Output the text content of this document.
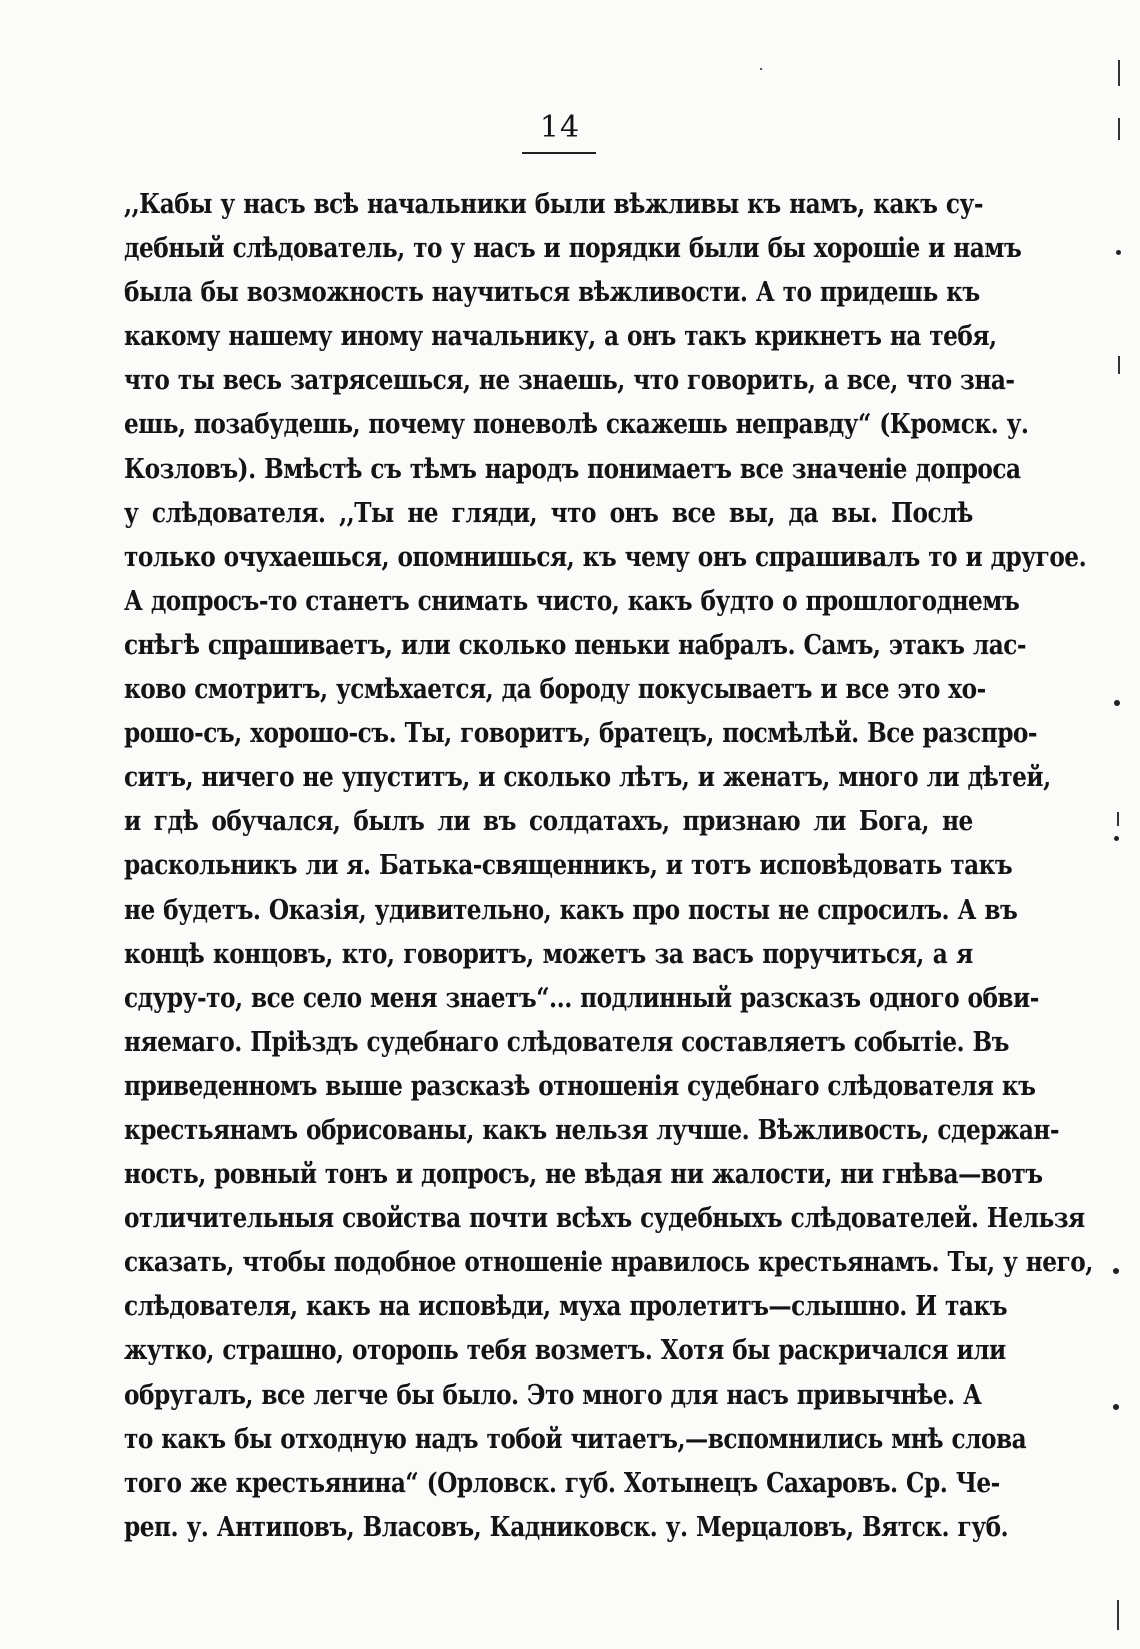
14
,,Кабы у насъ всѣ начальники были вѣжливы къ намъ, какъ су-
дебный слѣдователь, то у насъ и порядки были бы хорошіе и намъ
была бы возможность научиться вѣжливости. А то придешь къ
какому нашему иному начальнику, а онъ такъ крикнетъ на тебя,
что ты весь затрясешься, не знаешь, что говорить, а все, что зна-
ешь, позабудешь, почему поневолѣ скажешь неправду“ (Кромск. у.
Козловъ). Вмѣстѣ съ тѣмъ народъ понимаетъ все значеніе допроса
у слѣдователя. ,,Ты не гляди, что онъ все вы, да вы. Послѣ
только очухаешься, опомнишься, къ чему онъ спрашивалъ то и другое.
А допросъ-то станетъ снимать чисто, какъ будто о прошлогоднемъ
снѣгѣ спрашиваетъ, или сколько пеньки набралъ. Самъ, этакъ лас-
ково смотритъ, усмѣхается, да бороду покусываетъ и все это хо-
рошо-съ, хорошо-съ. Ты, говоритъ, братецъ, посмѣлѣй. Все разспро-
ситъ, ничего не упуститъ, и сколько лѣтъ, и женатъ, много ли дѣтей,
и гдѣ обучался, былъ ли въ солдатахъ, признаю ли Бога, не
раскольникъ ли я. Батька-священникъ, и тотъ исповѣдовать такъ
не будетъ. Оказія, удивительно, какъ про посты не спросилъ. А въ
концѣ концовъ, кто, говоритъ, можетъ за васъ поручиться, а я
сдуру-то, все село меня знаетъ“... подлинный разсказъ одного обви-
няемаго. Пріѣздъ судебнаго слѣдователя составляетъ событіе. Въ
приведенномъ выше разсказѣ отношенія судебнаго слѣдователя къ
крестьянамъ обрисованы, какъ нельзя лучше. Вѣжливость, сдержан-
ность, ровный тонъ и допросъ, не вѣдая ни жалости, ни гнѣва—вотъ
отличительныя свойства почти всѣхъ судебныхъ слѣдователей. Нельзя
сказать, чтобы подобное отношеніе нравилось крестьянамъ. Ты, у него,
слѣдователя, какъ на исповѣди, муха пролетитъ—слышно. И такъ
жутко, страшно, оторопь тебя возметъ. Хотя бы раскричался или
обругалъ, все легче бы было. Это много для насъ привычнѣе. А
то какъ бы отходную надъ тобой читаетъ,—вспомнились мнѣ слова
того же крестьянина“ (Орловск. губ. Хотынецъ Сахаровъ. Ср. Че-
реп. у. Антиповъ, Власовъ, Кадниковск. у. Мерцаловъ, Вятск. губ.
